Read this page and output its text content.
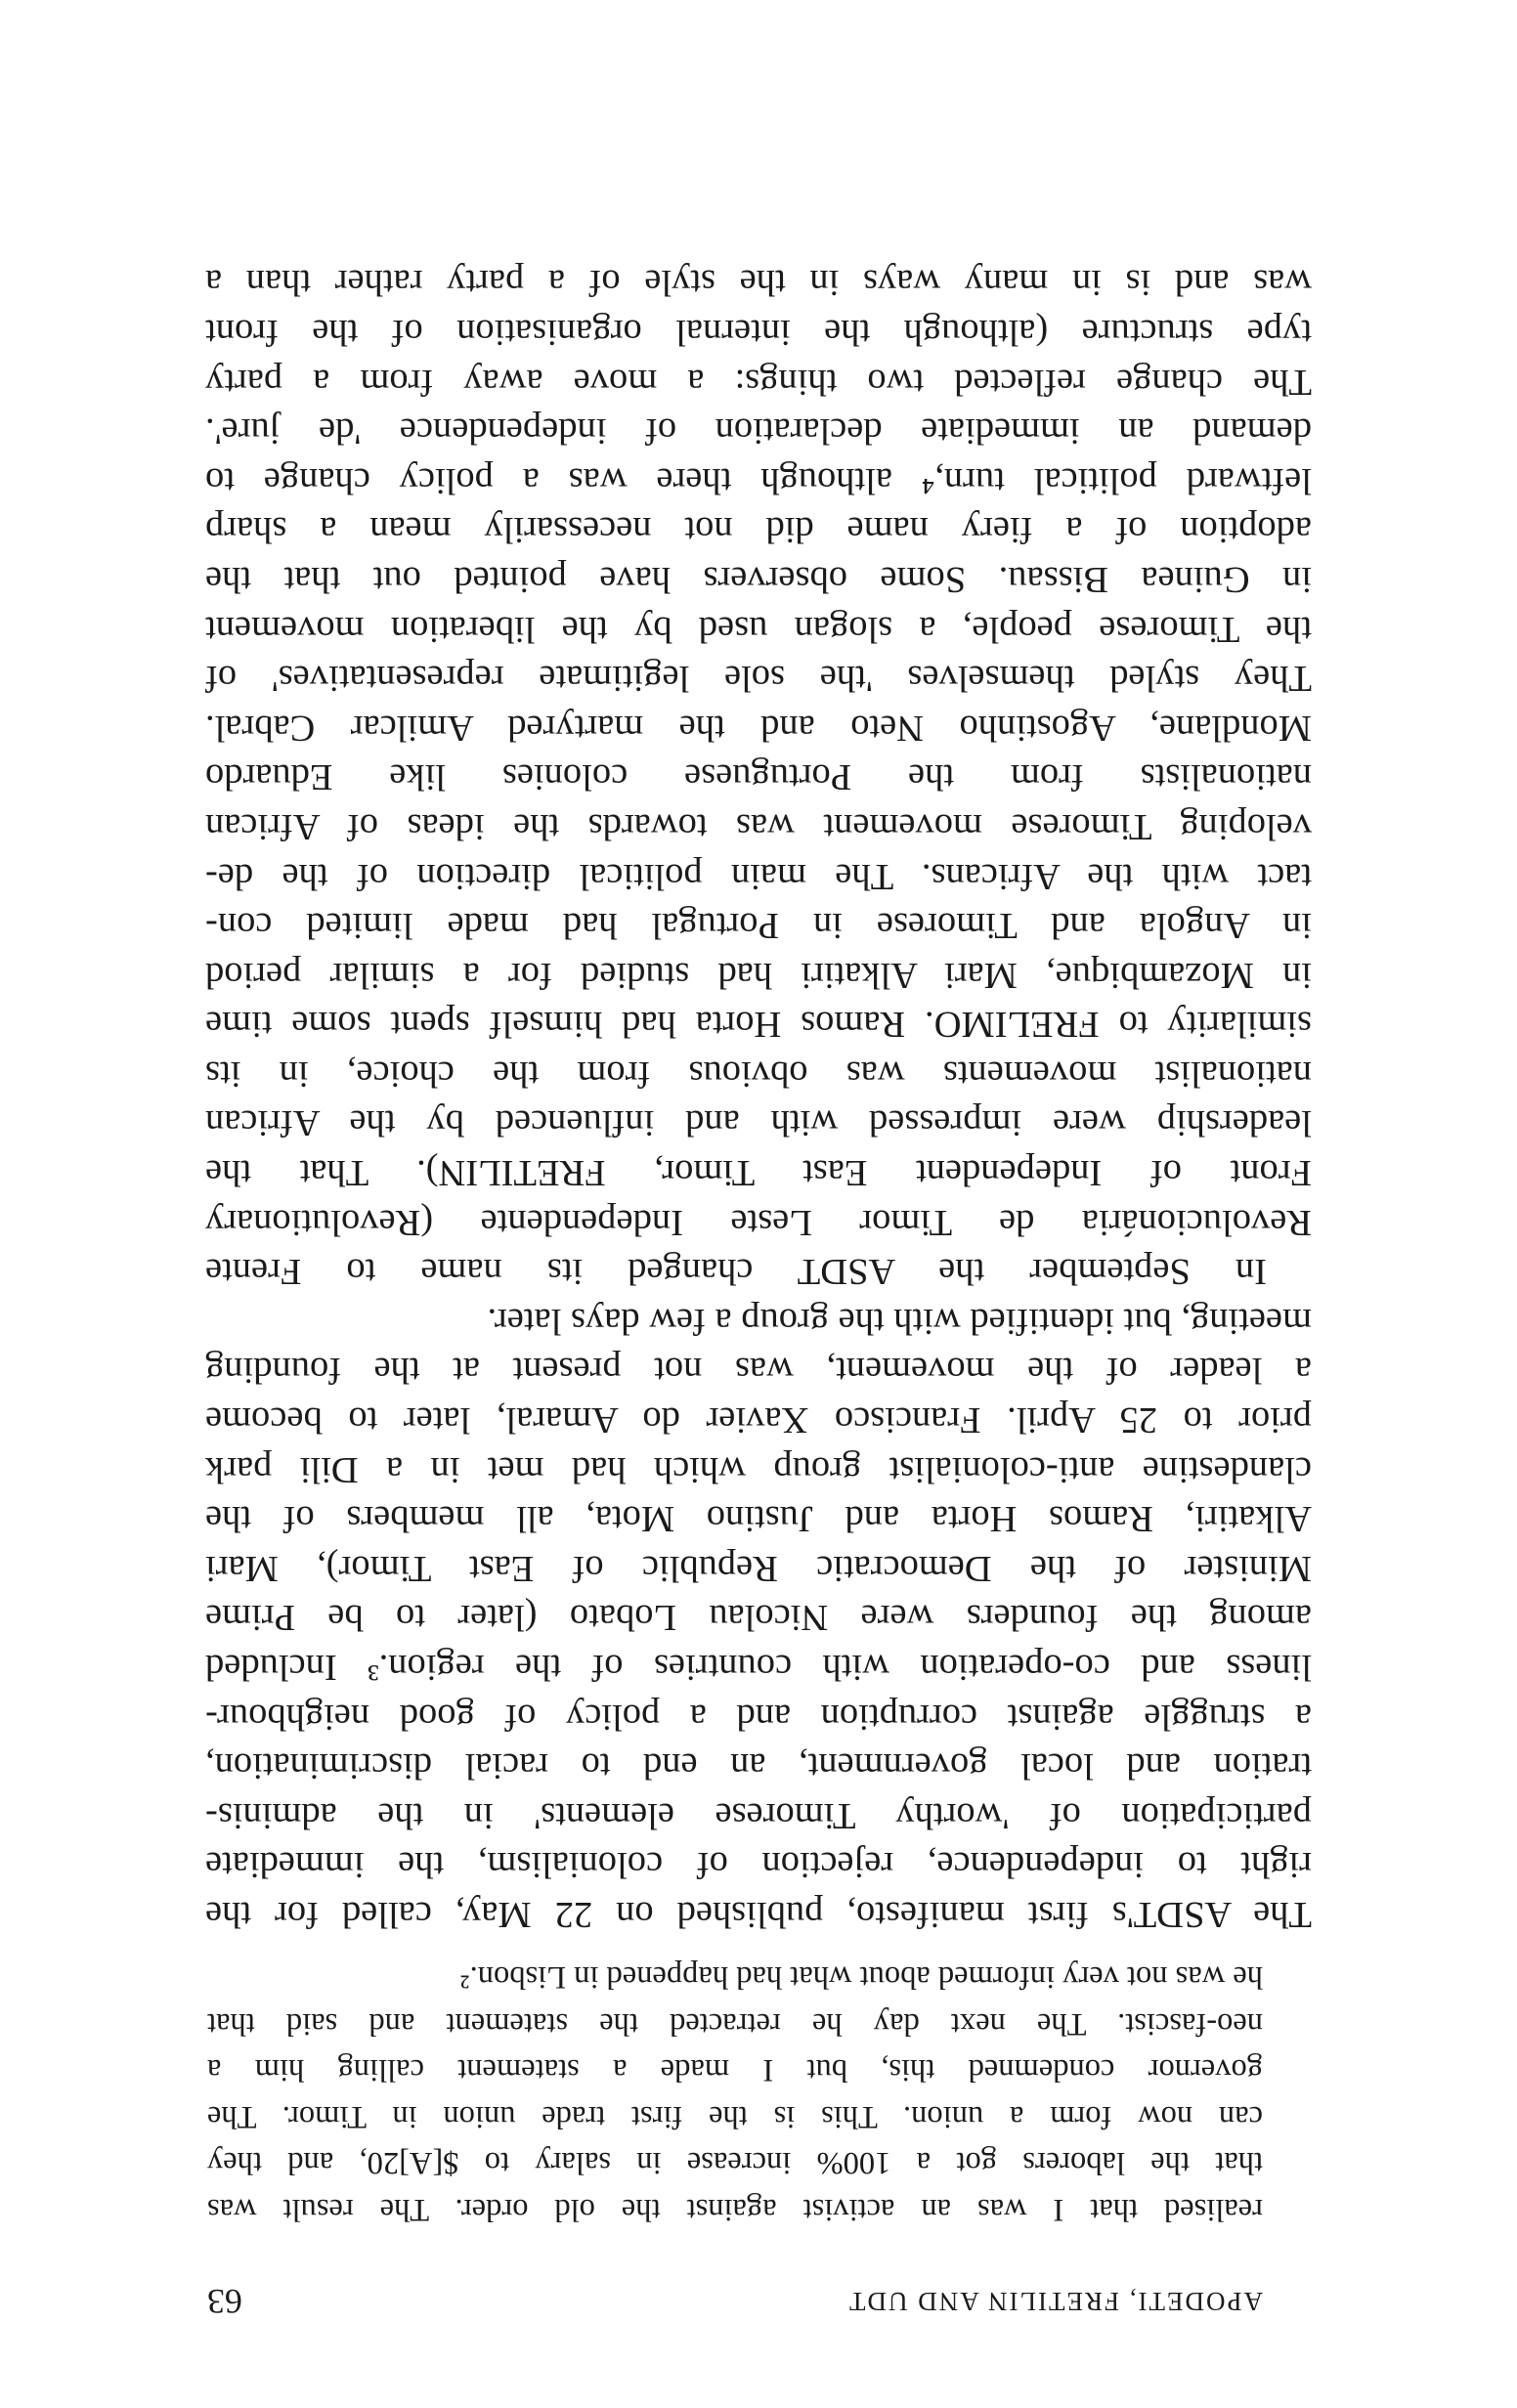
APODETI, FRETILIN AND UDT
63
realised that I was an activist against the old order. The result was
that the laborers got a 100% increase in salary to $[A]20, and they
can now form a union. This is the first trade union in Timor. The
governor condemned this, but I made a statement calling him a
neo-fascist. The next day he retracted the statement and said that
he was not very informed about what had happened in Lisbon.²
The ASDT's first manifesto, published on 22 May, called for the
right to independence, rejection of colonialism, the immediate
participation of 'worthy Timorese elements' in the adminis-
tration and local government, an end to racial discrimination,
a struggle against corruption and a policy of good neighbour-
liness and co-operation with countries of the region.³ Included
among the founders were Nicolau Lobato (later to be Prime
Minister of the Democratic Republic of East Timor), Mari
Alkatiri, Ramos Horta and Justino Mota, all members of the
clandestine anti-colonialist group which had met in a Dili park
prior to 25 April. Francisco Xavier do Amaral, later to become
a leader of the movement, was not present at the founding
meeting, but identified with the group a few days later.
In September the ASDT changed its name to Frente
Revolucionária de Timor Leste Independente (Revolutionary
Front of Independent East Timor, FRETILIN). That the
leadership were impressed with and influenced by the African
nationalist movements was obvious from the choice, in its
similarity to FRELIMO. Ramos Horta had himself spent some time
in Mozambique, Mari Alkatiri had studied for a similar period
in Angola and Timorese in Portugal had made limited con-
tact with the Africans. The main political direction of the de-
veloping Timorese movement was towards the ideas of African
nationalists from the Portuguese colonies like Eduardo
Mondlane, Agostinho Neto and the martyred Amilcar Cabral.
They styled themselves 'the sole legitimate representatives' of
the Timorese people, a slogan used by the liberation movement
in Guinea Bissau. Some observers have pointed out that the
adoption of a fiery name did not necessarily mean a sharp
leftward political turn,⁴ although there was a policy change to
demand an immediate declaration of independence 'de jure'.
The change reflected two things: a move away from a party
type structure (although the internal organisation of the front
was and is in many ways in the style of a party rather than a
